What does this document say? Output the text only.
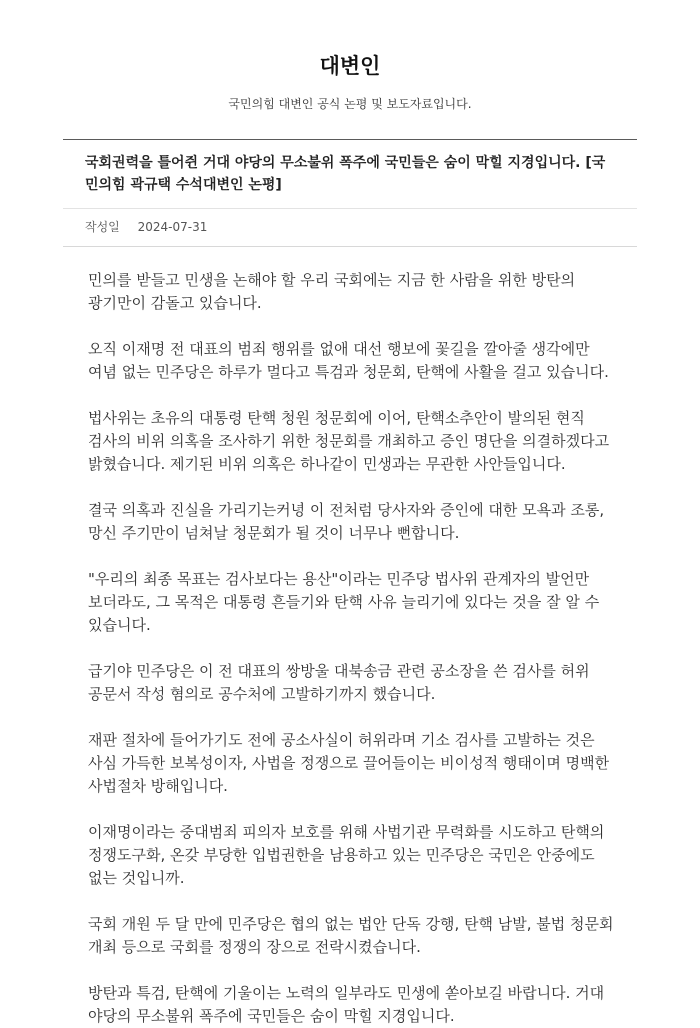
대변인
국민의힘 대변인 공식 논평 및 보도자료입니다.
국회권력을 틀어쥔 거대 야당의 무소불위 폭주에 국민들은 숨이 막힐 지경입니다. [국민의힘 곽규택 수석대변인 논평]
작성일 2024-07-31

민의를 받들고 민생을 논해야 할 우리 국회에는 지금 한 사람을 위한 방탄의 광기만이 감돌고 있습니다.

오직 이재명 전 대표의 범죄 행위를 없애 대선 행보에 꽃길을 깔아줄 생각에만 여념 없는 민주당은 하루가 멀다고 특검과 청문회, 탄핵에 사활을 걸고 있습니다.

법사위는 초유의 대통령 탄핵 청원 청문회에 이어, 탄핵소추안이 발의된 현직 검사의 비위 의혹을 조사하기 위한 청문회를 개최하고 증인 명단을 의결하겠다고 밝혔습니다. 제기된 비위 의혹은 하나같이 민생과는 무관한 사안들입니다.

결국 의혹과 진실을 가리기는커녕 이 전처럼 당사자와 증인에 대한 모욕과 조롱, 망신 주기만이 넘쳐날 청문회가 될 것이 너무나 뻔합니다.

"우리의 최종 목표는 검사보다는 용산"이라는 민주당 법사위 관계자의 발언만 보더라도, 그 목적은 대통령 흔들기와 탄핵 사유 늘리기에 있다는 것을 잘 알 수 있습니다.

급기야 민주당은 이 전 대표의 쌍방울 대북송금 관련 공소장을 쓴 검사를 허위 공문서 작성 혐의로 공수처에 고발하기까지 했습니다.

재판 절차에 들어가기도 전에 공소사실이 허위라며 기소 검사를 고발하는 것은 사심 가득한 보복성이자, 사법을 정쟁으로 끌어들이는 비이성적 행태이며 명백한 사법절차 방해입니다.

이재명이라는 중대범죄 피의자 보호를 위해 사법기관 무력화를 시도하고 탄핵의 정쟁도구화, 온갖 부당한 입법권한을 남용하고 있는 민주당은 국민은 안중에도 없는 것입니까.

국회 개원 두 달 만에 민주당은 협의 없는 법안 단독 강행, 탄핵 남발, 불법 청문회 개최 등으로 국회를 정쟁의 장으로 전락시켰습니다.

방탄과 특검, 탄핵에 기울이는 노력의 일부라도 민생에 쏟아보길 바랍니다. 거대 야당의 무소불위 폭주에 국민들은 숨이 막힐 지경입니다.
